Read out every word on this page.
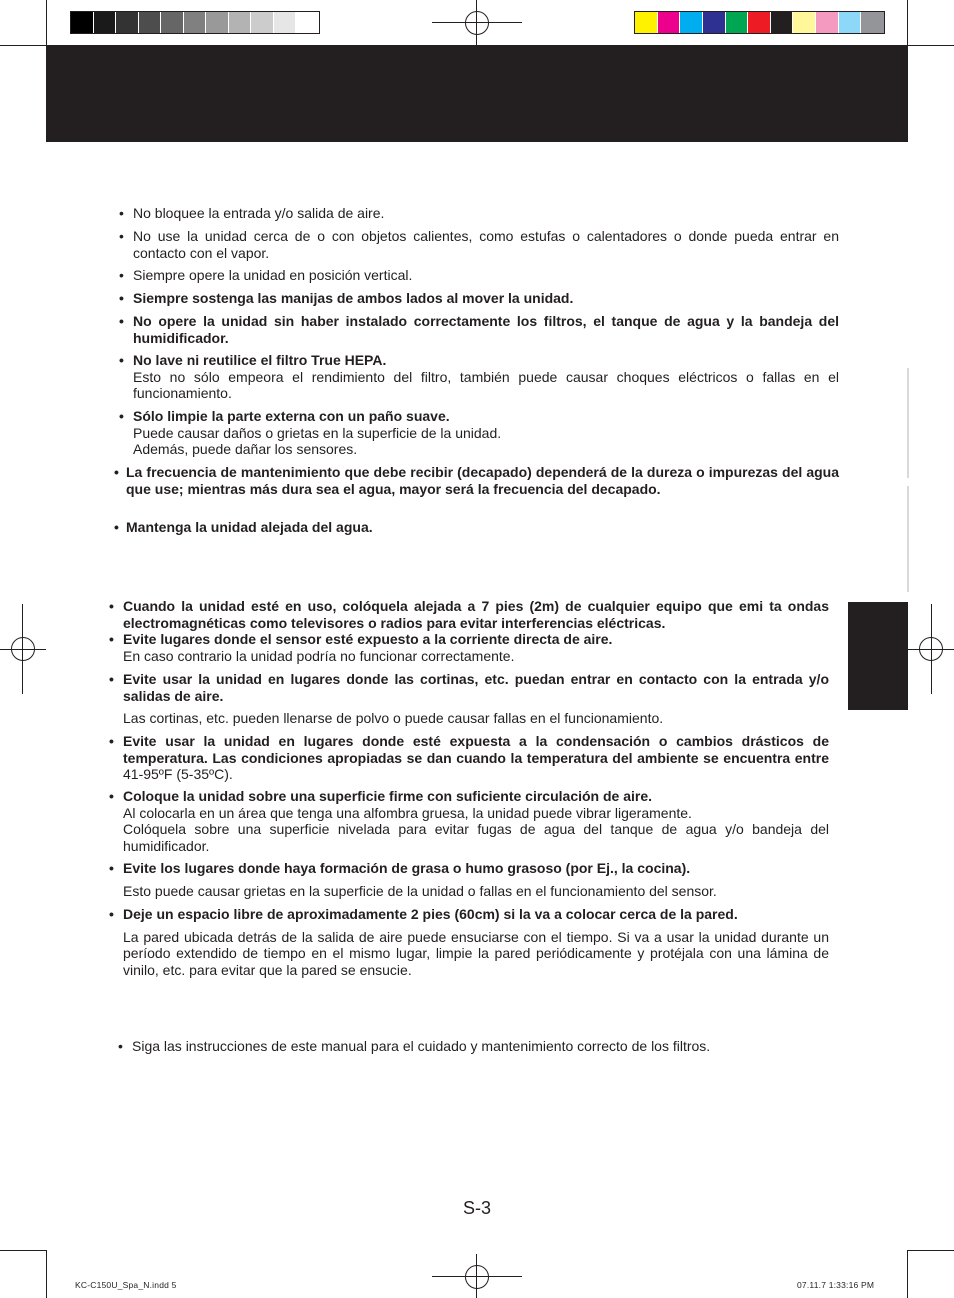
• No bloquee la entrada y/o salida de aire.
• No use la unidad cerca de o con objetos calientes, como estufas o calentadores o donde pueda entrar en contacto con el vapor.
• Siempre opere la unidad en posición vertical.
• Siempre sostenga las manijas de ambos lados al mover la unidad.
• No opere la unidad sin haber instalado correctamente los filtros, el tanque de agua y la bandeja del humidificador.
• No lave ni reutilice el filtro True HEPA.
Esto no sólo empeora el rendimiento del filtro, también puede causar choques eléctricos o fallas en el funcionamiento.
• Sólo limpie la parte externa con un paño suave.
Puede causar daños o grietas en la superficie de la unidad.
Además, puede dañar los sensores.
• La frecuencia de mantenimiento que debe recibir (decapado) dependerá de la dureza o impurezas del agua que use; mientras más dura sea el agua, mayor será la frecuencia del decapado.
• Mantenga la unidad alejada del agua.
• Cuando la unidad esté en uso, colóquela alejada a 7 pies (2m) de cualquier equipo que emi ta ondas electromagnéticas como televisores o radios para evitar interferencias eléctricas.
• Evite lugares donde el sensor esté expuesto a la corriente directa de aire.
En caso contrario la unidad podría no funcionar correctamente.
• Evite usar la unidad en lugares donde las cortinas, etc. puedan entrar en contacto con la entrada y/o salidas de aire.
Las cortinas, etc. pueden llenarse de polvo o puede causar fallas en el funcionamiento.
• Evite usar la unidad en lugares donde esté expuesta a la condensación o cambios drásticos de temperatura. Las condiciones apropiadas se dan cuando la temperatura del ambiente se encuentra entre 41-95ºF (5-35ºC).
• Coloque la unidad sobre una superficie firme con suficiente circulación de aire.
Al colocarla en un área que tenga una alfombra gruesa, la unidad puede vibrar ligeramente.
Colóquela sobre una superficie nivelada para evitar fugas de agua del tanque de agua y/o bandeja del humidificador.
• Evite los lugares donde haya formación de grasa o humo grasoso (por Ej., la cocina).
Esto puede causar grietas en la superficie de la unidad o fallas en el funcionamiento del sensor.
• Deje un espacio libre de aproximadamente 2 pies (60cm) si la va a colocar cerca de la pared.
La pared ubicada detrás de la salida de aire puede ensuciarse con el tiempo. Si va a usar la unidad durante un período extendido de tiempo en el mismo lugar, limpie la pared periódicamente y protéjala con una lámina de vinilo, etc. para evitar que la pared se ensucie.
• Siga las instrucciones de este manual para el cuidado y mantenimiento correcto de los filtros.
S-3
KC-C150U_Spa_N.indd 5	07.11.7 1:33:16 PM
